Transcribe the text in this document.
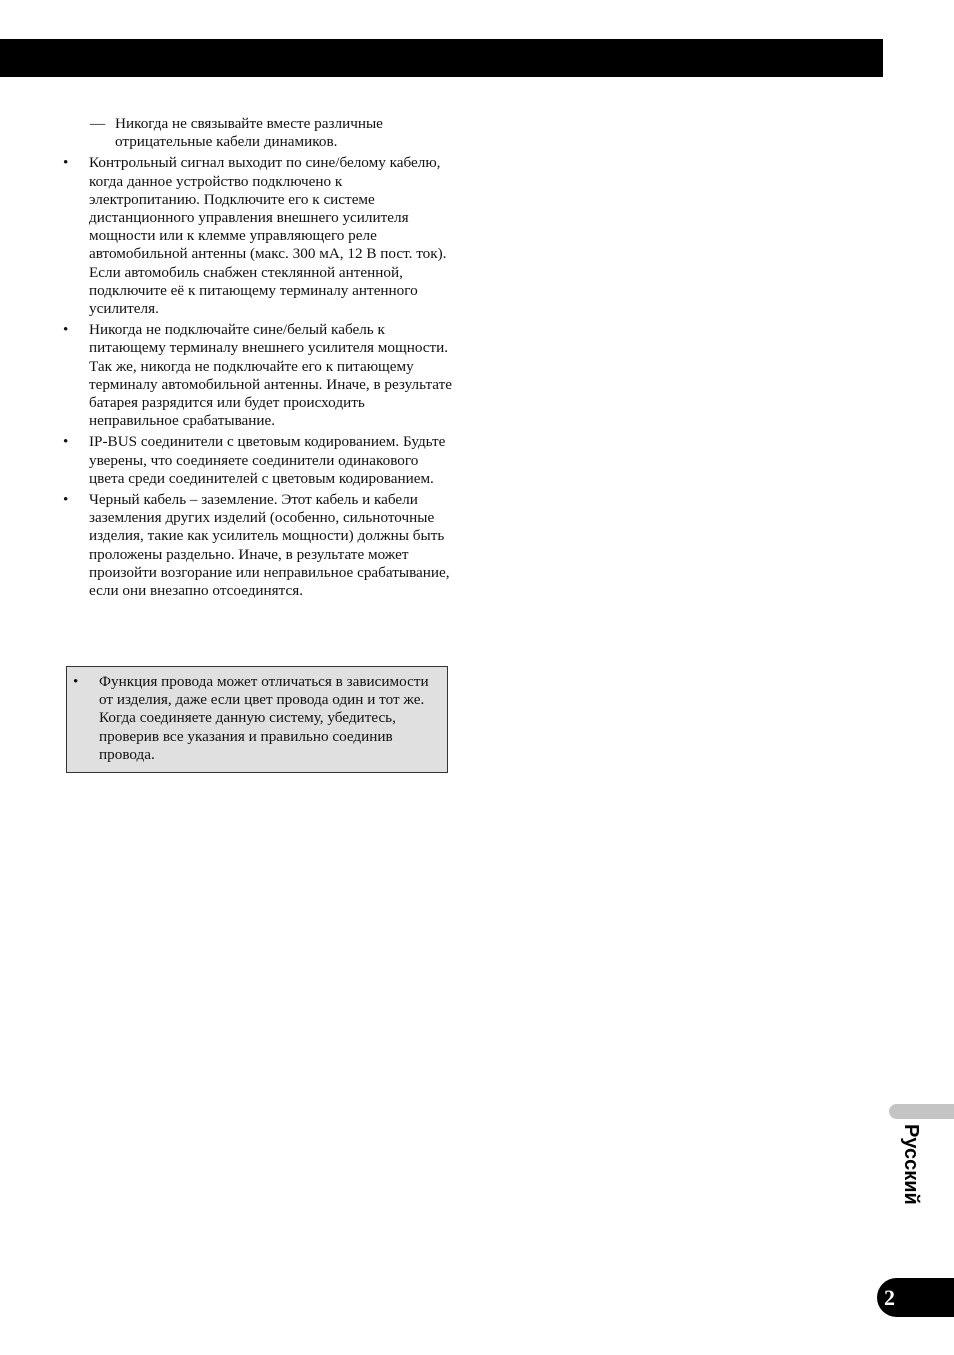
— Никогда не связывайте вместе различные отрицательные кабели динамиков.
• Контрольный сигнал выходит по сине/белому кабелю, когда данное устройство подключено к электропитанию. Подключите его к системе дистанционного управления внешнего усилителя мощности или к клемме управляющего реле автомобильной антенны (макс. 300 мА, 12 В пост. ток). Если автомобиль снабжен стеклянной антенной, подключите её к питающему терминалу антенного усилителя.
• Никогда не подключайте сине/белый кабель к питающему терминалу внешнего усилителя мощности. Так же, никогда не подключайте его к питающему терминалу автомобильной антенны. Иначе, в результате батарея разрядится или будет происходить неправильное срабатывание.
• IP-BUS соединители с цветовым кодированием. Будьте уверены, что соединяете соединители одинакового цвета среди соединителей с цветовым кодированием.
• Черный кабель – заземление. Этот кабель и кабели заземления других изделий (особенно, сильноточные изделия, такие как усилитель мощности) должны быть проложены раздельно. Иначе, в результате может произойти возгорание или неправильное срабатывание, если они внезапно отсоединятся.
• Функция провода может отличаться в зависимости от изделия, даже если цвет провода один и тот же. Когда соединяете данную систему, убедитесь, проверив все указания и правильно соединив провода.
Русский
2
